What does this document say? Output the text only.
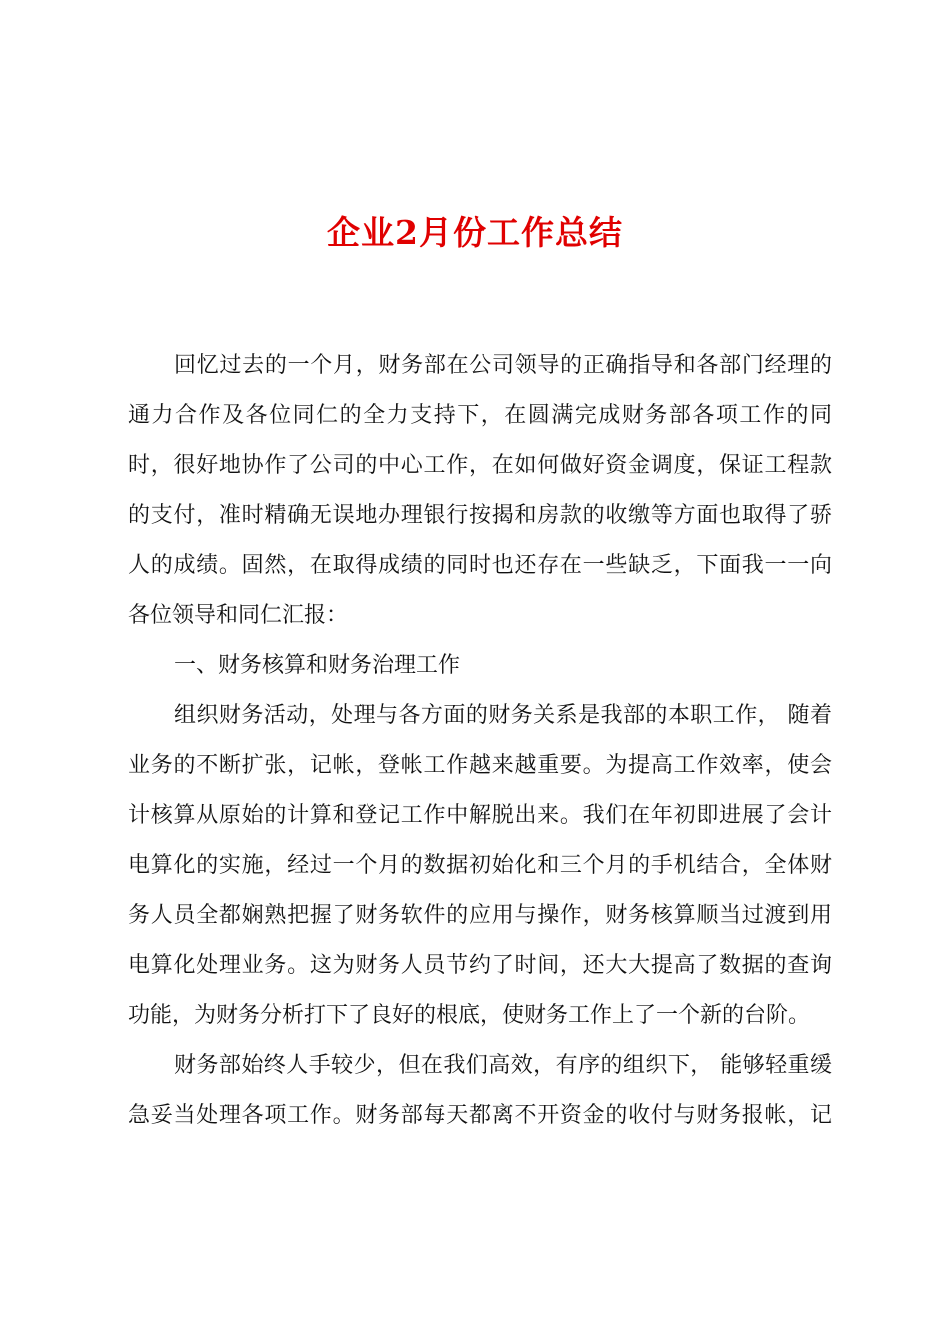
企业2月份工作总结
回忆过去的一个月，财务部在公司领导的正确指导和各部门经理的
通力合作及各位同仁的全力支持下，在圆满完成财务部各项工作的同
时，很好地协作了公司的中心工作，在如何做好资金调度，保证工程款
的支付，准时精确无误地办理银行按揭和房款的收缴等方面也取得了骄
人的成绩。固然，在取得成绩的同时也还存在一些缺乏，下面我一一向
各位领导和同仁汇报：
一、财务核算和财务治理工作
组织财务活动，处理与各方面的财务关系是我部的本职工作， 随着
业务的不断扩张，记帐，登帐工作越来越重要。为提高工作效率，使会
计核算从原始的计算和登记工作中解脱出来。我们在年初即进展了会计
电算化的实施，经过一个月的数据初始化和三个月的手机结合，全体财
务人员全都娴熟把握了财务软件的应用与操作，财务核算顺当过渡到用
电算化处理业务。这为财务人员节约了时间，还大大提高了数据的查询
功能，为财务分析打下了良好的根底，使财务工作上了一个新的台阶。
财务部始终人手较少，但在我们高效，有序的组织下， 能够轻重缓
急妥当处理各项工作。财务部每天都离不开资金的收付与财务报帐，记
